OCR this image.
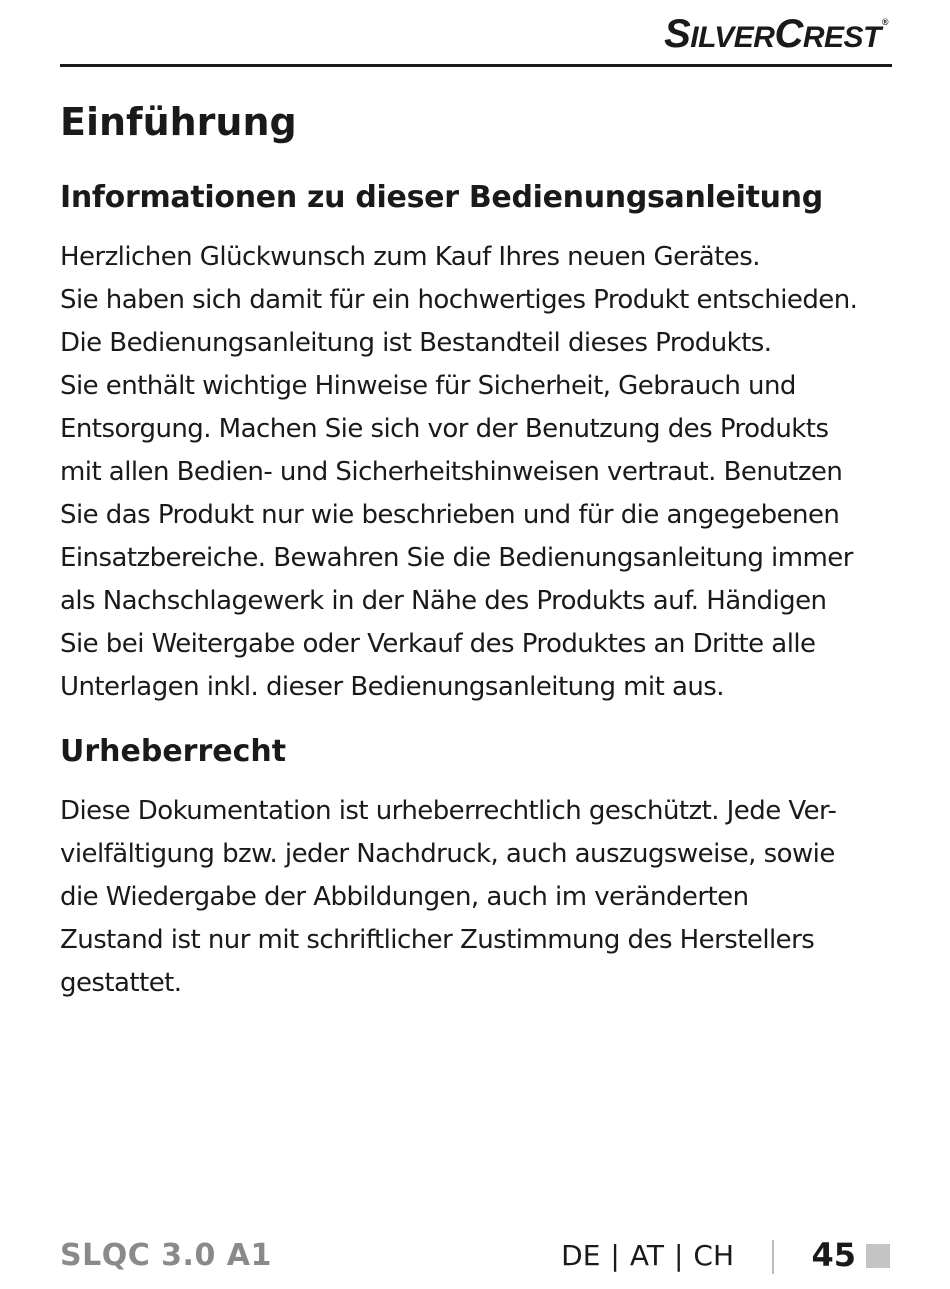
SILVERCREST®
Einführung
Informationen zu dieser Bedienungsanleitung

Herzlichen Glückwunsch zum Kauf Ihres neuen Gerätes.
Sie haben sich damit für ein hochwertiges Produkt entschieden.
Die Bedienungsanleitung ist Bestandteil dieses Produkts.
Sie enthält wichtige Hinweise für Sicherheit, Gebrauch und
Entsorgung. Machen Sie sich vor der Benutzung des Produkts
mit allen Bedien- und Sicherheitshinweisen vertraut. Benutzen
Sie das Produkt nur wie beschrieben und für die angegebenen
Einsatzbereiche. Bewahren Sie die Bedienungsanleitung immer
als Nachschlagewerk in der Nähe des Produkts auf. Händigen
Sie bei Weitergabe oder Verkauf des Produktes an Dritte alle
Unterlagen inkl. dieser Bedienungsanleitung mit aus.

Urheberrecht

Diese Dokumentation ist urheberrechtlich geschützt. Jede Ver-
vielfältigung bzw. jeder Nachdruck, auch auszugsweise, sowie
die Wiedergabe der Abbildungen, auch im veränderten
Zustand ist nur mit schriftlicher Zustimmung des Herstellers
gestattet.

SLQC 3.0 A1	DE | AT | CH 45
